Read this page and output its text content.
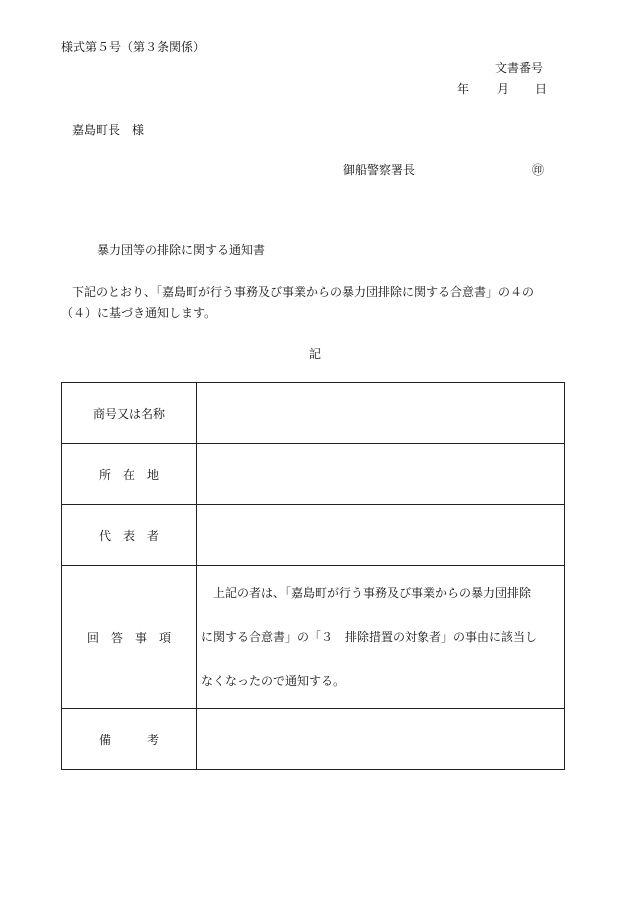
様式第５号（第３条関係）
文書番号
年 月 日
嘉島町長　様
御船警察署長	㊞
暴力団等の排除に関する通知書
下記のとおり、「嘉島町が行う事務及び事業からの暴力団排除に関する合意書」の４の
（４）に基づき通知します。
記
商号又は名称	
所　在　地	
代　表　者	
回　答　事　項	上記の者は、「嘉島町が行う事務及び事業からの暴力団排除
に関する合意書」の「３　排除措置の対象者」の事由に該当し
なくなったので通知する。

備　　　考	
